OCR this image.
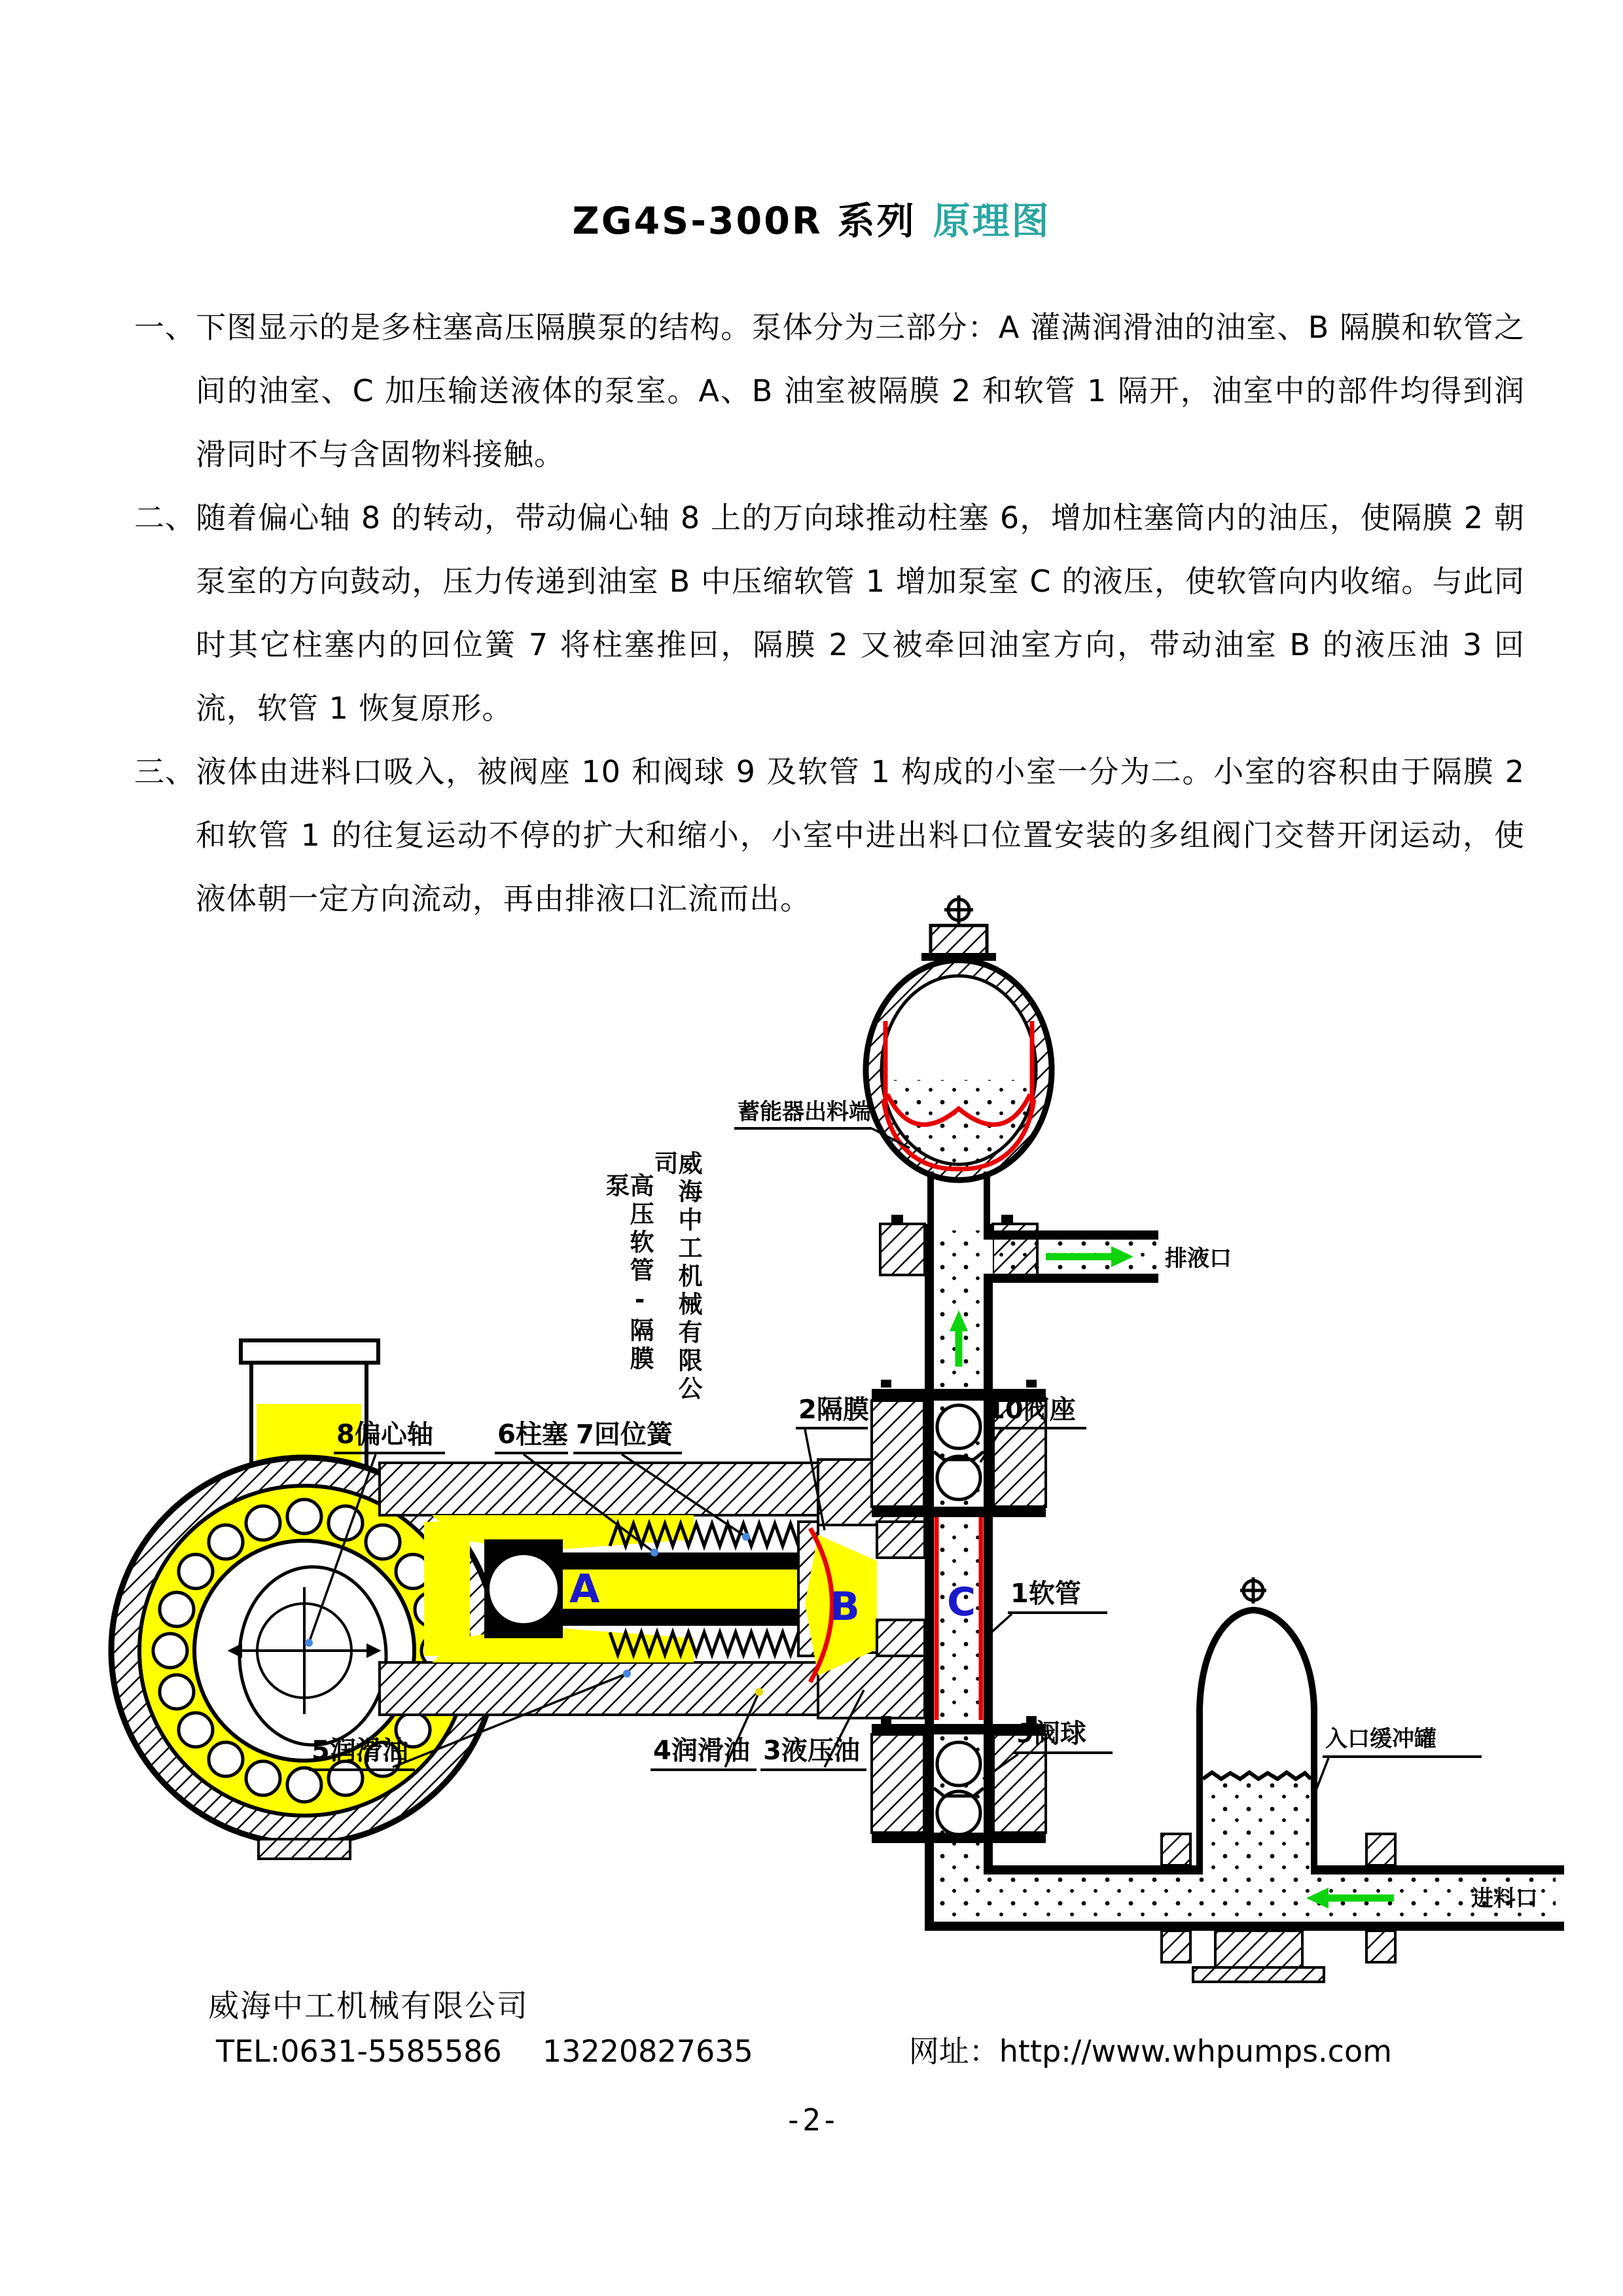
ZG4S-300R 系列 原理图

一、下图显示的是多柱塞高压隔膜泵的结构。泵体分为三部分：A 灌满润滑油的油室、B 隔膜和软管之间的油室、C 加压输送液体的泵室。A、B 油室被隔膜 2 和软管 1 隔开，油室中的部件均得到润滑同时不与含固物料接触。

二、随着偏心轴 8 的转动，带动偏心轴 8 上的万向球推动柱塞 6，增加柱塞筒内的油压，使隔膜 2 朝泵室的方向鼓动，压力传递到油室 B 中压缩软管 1 增加泵室 C 的液压，使软管向内收缩。与此同时其它柱塞内的回位簧 7 将柱塞推回，隔膜 2 又被牵回油室方向，带动油室 B 的液压油 3 回流，软管 1 恢复原形。

三、液体由进料口吸入，被阀座 10 和阀球 9 及软管 1 构成的小室一分为二。小室的容积由于隔膜 2 和软管 1 的往复运动不停的扩大和缩小，小室中进出料口位置安装的多组阀门交替开闭运动，使液体朝一定方向流动，再由排液口汇流而出。

A	B
排液口
C
进料口
蓄能器出料端
8偏心轴 6柱塞 7回位簧
2隔膜	10阀座
1软管
9阀球
5润滑油	4润滑油 3液压油	入口缓冲罐
威海中工机械有限公司
高压软管-隔膜泵
威海中工机械有限公司
TEL:0631-5585586 13220827635	网址：http://www.whpumps.com
-2-
